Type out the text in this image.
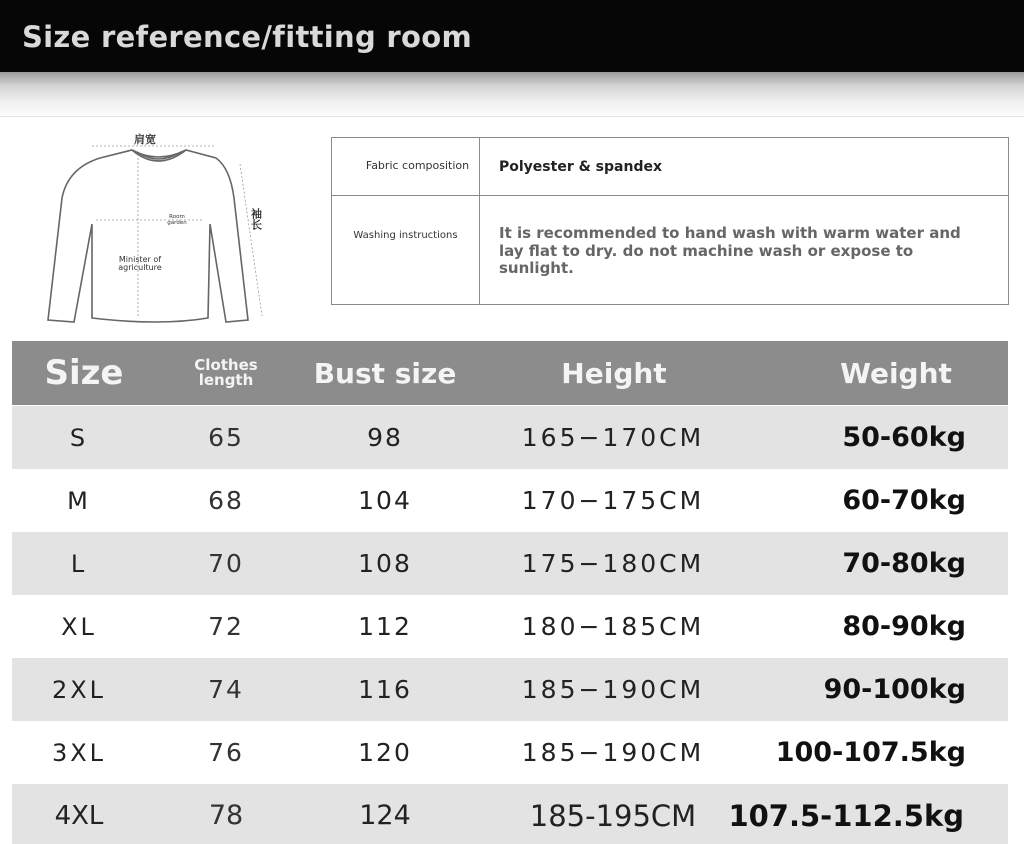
Size reference/fitting room
肩宽
袖长
Room garden
Minister of agriculture
Fabric composition	Polyester & spandex
Washing instructions	It is recommended to hand wash with warm water and lay flat to dry. do not machine wash or expose to sunlight.
Size	Clothes length	Bust size	Height	Weight
S	65	98	165−170CM	50-60kg
M	68	104	170−175CM	60-70kg
L	70	108	175−180CM	70-80kg
XL	72	112	180−185CM	80-90kg
2XL	74	116	185−190CM	90-100kg
3XL	76	120	185−190CM	100-107.5kg
4XL	78	124	185-195CM	107.5-112.5kg
